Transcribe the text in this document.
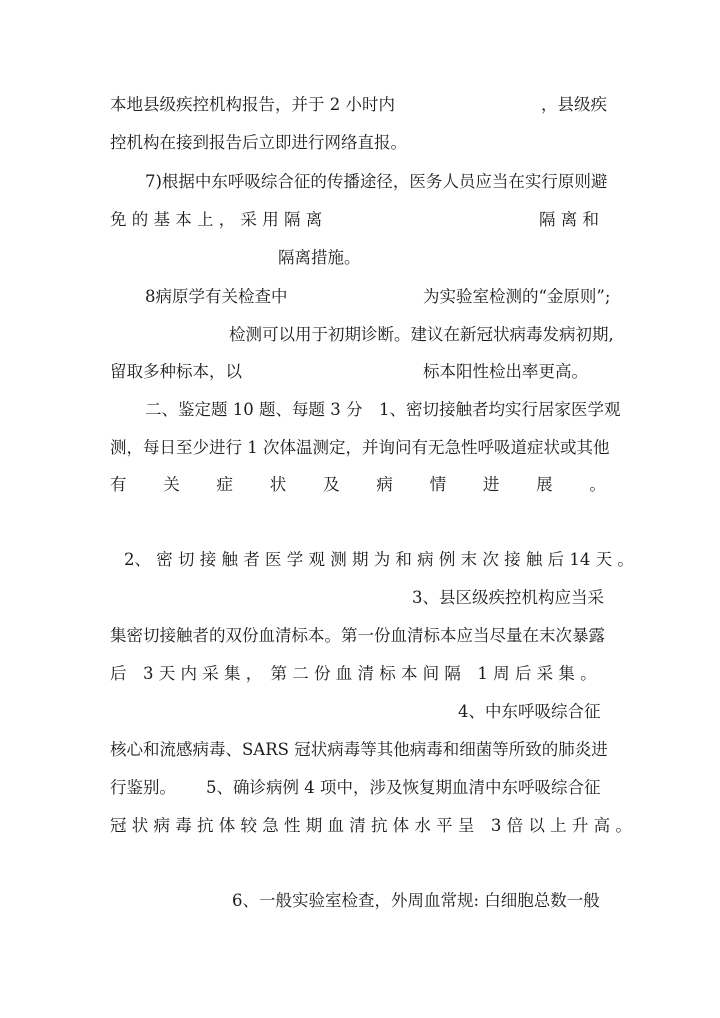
本地县级疾控机构报告，并于 2 小时内	，县级疾
控机构在接到报告后立即进行网络直报。
7)根据中东呼吸综合征的传播途径，医务人员应当在实行原则避
免 的 基 本 上 ， 采 用 隔 离	隔 离 和
隔离措施。
8病原学有关检查中	为实验室检测的“金原则”;
检测可以用于初期诊断。建议在新冠状病毒发病初期,
留取多种标本，以	标本阳性检出率更高。
二、鉴定题 10 题、每题 3 分　1、密切接触者均实行居家医学观
测，每日至少进行 1 次体温测定，并询问有无急性呼吸道症状或其他
有 关 症 状 及 病 情 进 展 。
2、 密 切 接 触 者 医 学 观 测 期 为 和 病 例 末 次 接 触 后 14 天 。
3、县区级疾控机构应当采
集密切接触者的双份血清标本。第一份血清标本应当尽量在末次暴露
后　3 天 内 采 集 ，　第 二 份 血 清 标 本 间 隔　1 周 后 采 集 。
4、中东呼吸综合征
核心和流感病毒、SARS 冠状病毒等其他病毒和细菌等所致的肺炎进
行鉴别。 5、确诊病例 4 项中，涉及恢复期血清中东呼吸综合征
冠 状 病 毒 抗 体 较 急 性 期 血 清 抗 体 水 平 呈　3 倍 以 上 升 高 。
6、一般实验室检查，外周血常规: 白细胞总数一般
